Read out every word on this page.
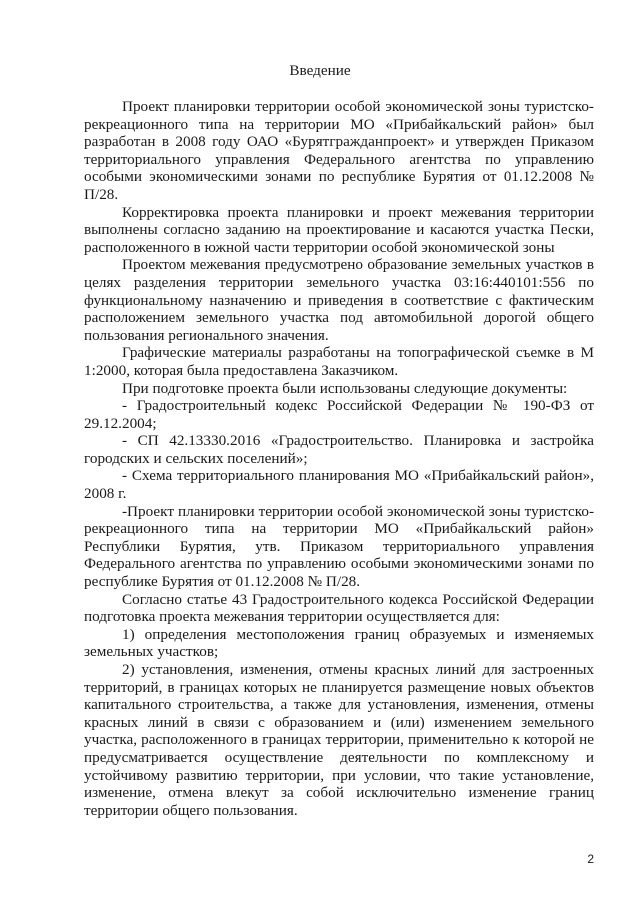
Введение

Проект планировки территории особой экономической зоны туристско-рекреационного типа на территории МО «Прибайкальский район» был разработан в 2008 году ОАО «Бурятгражданпроект» и утвержден Приказом территориального управления Федерального агентства по управлению особыми экономическими зонами по республике Бурятия от 01.12.2008 № П/28.

Корректировка проекта планировки и проект межевания территории выполнены согласно заданию на проектирование и касаются участка Пески, расположенного в южной части территории особой экономической зоны

Проектом межевания предусмотрено образование земельных участков в целях разделения территории земельного участка 03:16:440101:556 по функциональному назначению и приведения в соответствие с фактическим расположением земельного участка под автомобильной дорогой общего пользования регионального значения.

Графические материалы разработаны на топографической съемке в М 1:2000, которая была предоставлена Заказчиком.

При подготовке проекта были использованы следующие документы:

- Градостроительный кодекс Российской Федерации № 190-ФЗ от 29.12.2004;

- СП 42.13330.2016 «Градостроительство. Планировка и застройка городских и сельских поселений»;

- Схема территориального планирования МО «Прибайкальский район», 2008 г.

-Проект планировки территории особой экономической зоны туристско-рекреационного типа на территории МО «Прибайкальский район» Республики Бурятия, утв. Приказом территориального управления Федерального агентства по управлению особыми экономическими зонами по республике Бурятия от 01.12.2008 № П/28.

Согласно статье 43 Градостроительного кодекса Российской Федерации подготовка проекта межевания территории осуществляется для:

1) определения местоположения границ образуемых и изменяемых земельных участков;

2) установления, изменения, отмены красных линий для застроенных территорий, в границах которых не планируется размещение новых объектов капитального строительства, а также для установления, изменения, отмены красных линий в связи с образованием и (или) изменением земельного участка, расположенного в границах территории, применительно к которой не предусматривается осуществление деятельности по комплексному и устойчивому развитию территории, при условии, что такие установление, изменение, отмена влекут за собой исключительно изменение границ территории общего пользования.

2
